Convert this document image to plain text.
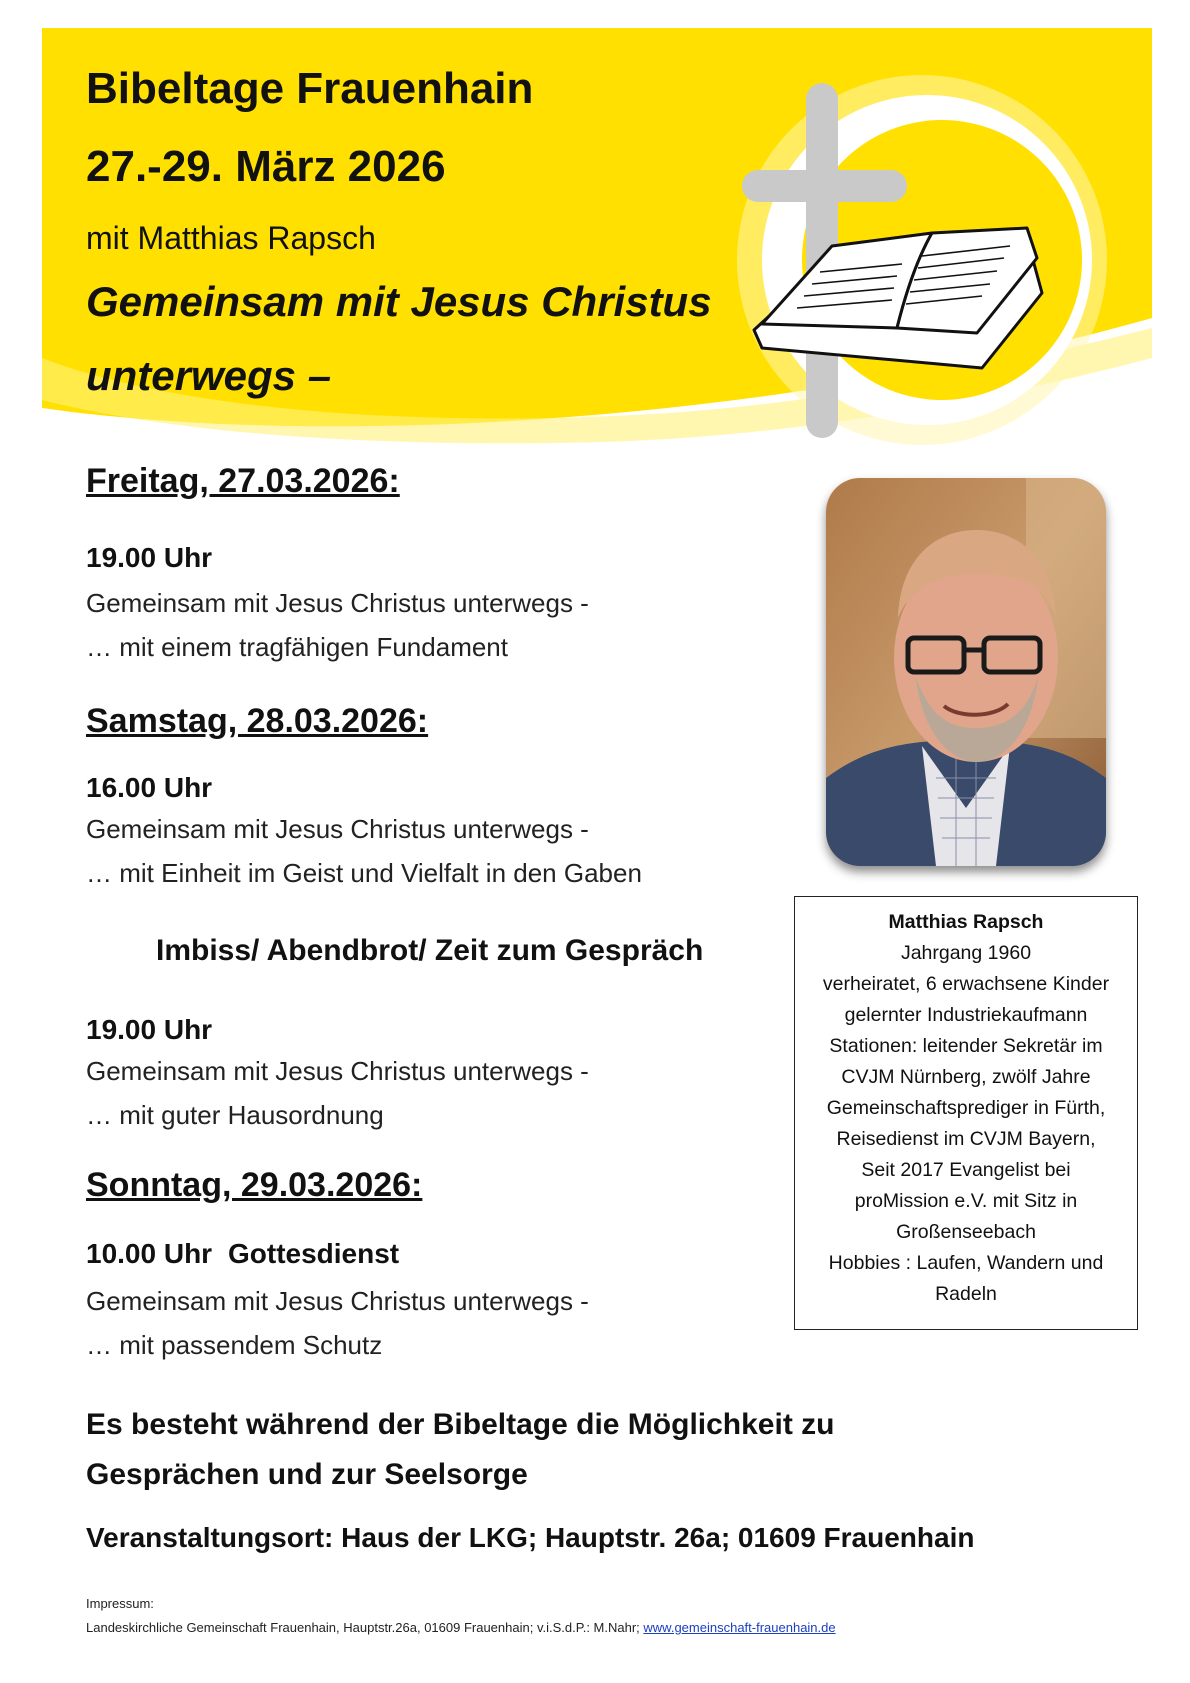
Bibeltage Frauenhain
27.-29. März 2026
mit Matthias Rapsch
Gemeinsam mit Jesus Christus
unterwegs –
Freitag, 27.03.2026:
19.00 Uhr
Gemeinsam mit Jesus Christus unterwegs -
… mit einem tragfähigen Fundament
Samstag, 28.03.2026:
16.00 Uhr
Gemeinsam mit Jesus Christus unterwegs -
… mit Einheit im Geist und Vielfalt in den Gaben
Imbiss/ Abendbrot/ Zeit zum Gespräch
19.00 Uhr
Gemeinsam mit Jesus Christus unterwegs -
… mit guter Hausordnung
Sonntag, 29.03.2026:
10.00 Uhr Gottesdienst
Gemeinsam mit Jesus Christus unterwegs -
… mit passendem Schutz
Matthias Rapsch
Jahrgang 1960
verheiratet, 6 erwachsene Kinder
gelernter Industriekaufmann
Stationen: leitender Sekretär im
CVJM Nürnberg, zwölf Jahre
Gemeinschaftsprediger in Fürth,
Reisedienst im CVJM Bayern,
Seit 2017 Evangelist bei
proMission e.V. mit Sitz in
Großenseebach
Hobbies : Laufen, Wandern und
Radeln
Es besteht während der Bibeltage die Möglichkeit zu
Gesprächen und zur Seelsorge
Veranstaltungsort: Haus der LKG; Hauptstr. 26a; 01609 Frauenhain
Impressum:
Landeskirchliche Gemeinschaft Frauenhain, Hauptstr.26a, 01609 Frauenhain; v.i.S.d.P.: M.Nahr; www.gemeinschaft-frauenhain.de
